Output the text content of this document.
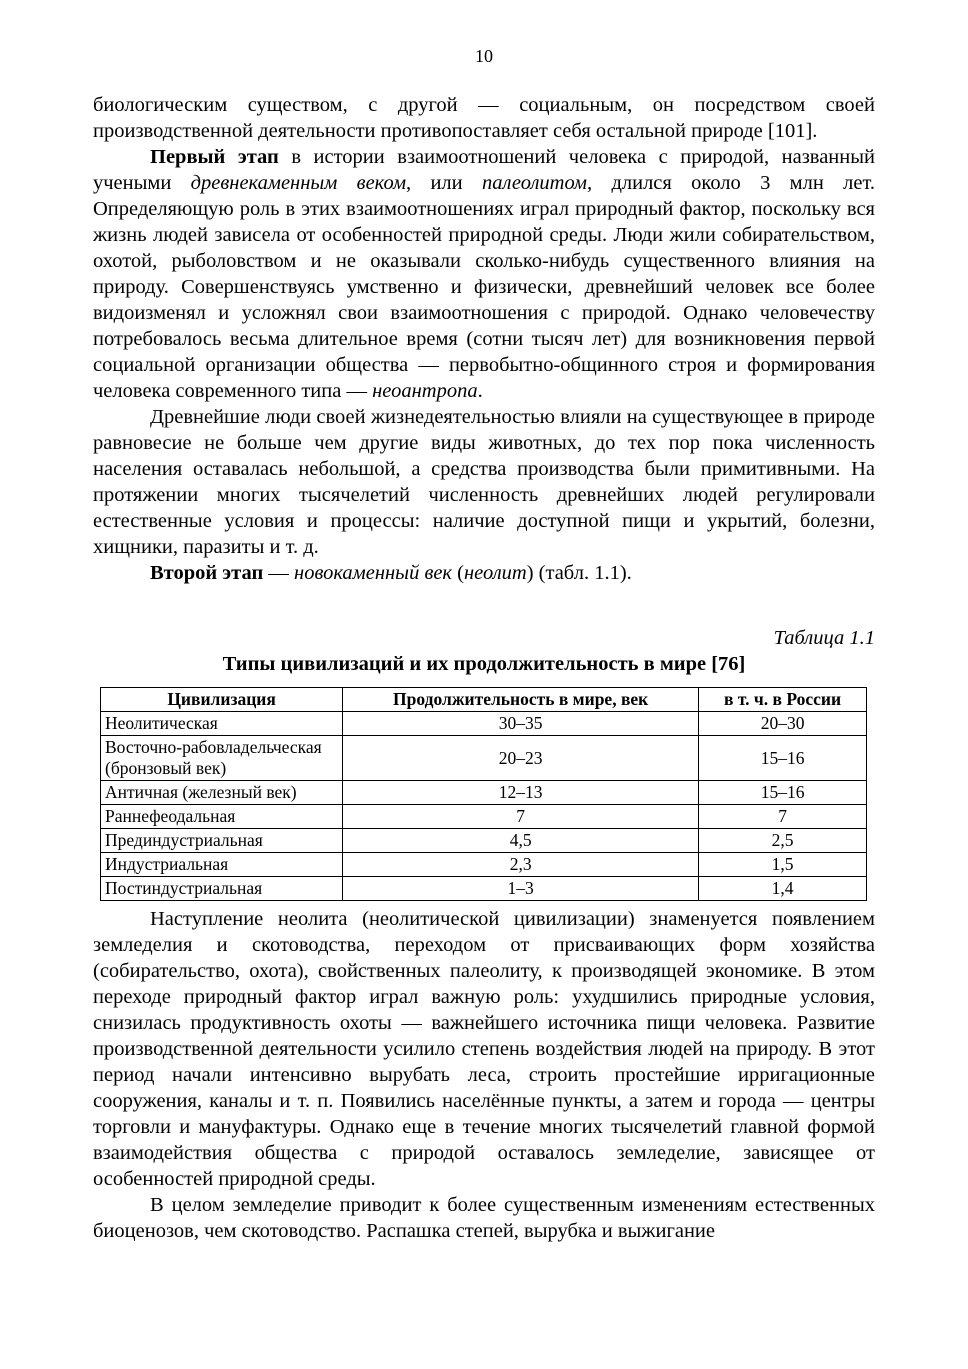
10

биологическим существом, с другой — социальным, он посредством своей производственной деятельности противопоставляет себя остальной природе [101].

Первый этап в истории взаимоотношений человека с природой, названный учеными древнекаменным веком, или палеолитом, длился около 3 млн лет. Определяющую роль в этих взаимоотношениях играл природный фактор, поскольку вся жизнь людей зависела от особенностей природной среды. Люди жили собирательством, охотой, рыболовством и не оказывали сколько-нибудь существенного влияния на природу. Совершенствуясь умственно и физически, древнейший человек все более видоизменял и усложнял свои взаимоотношения с природой. Однако человечеству потребовалось весьма длительное время (сотни тысяч лет) для возникновения первой социальной организации общества — первобытно-общинного строя и формирования человека современного типа — неоантропа.

Древнейшие люди своей жизнедеятельностью влияли на существующее в природе равновесие не больше чем другие виды животных, до тех пор пока численность населения оставалась небольшой, а средства производства были примитивными. На протяжении многих тысячелетий численность древнейших людей регулировали естественные условия и процессы: наличие доступной пищи и укрытий, болезни, хищники, паразиты и т. д.

Второй этап — новокаменный век (неолит) (табл. 1.1).

Таблица 1.1
Типы цивилизаций и их продолжительность в мире [76]
Цивилизация	Продолжительность в мире, век	в т. ч. в России
Неолитическая	30–35	20–30
Восточно-рабовладельческая (бронзовый век)	20–23	15–16
Античная (железный век)	12–13	15–16
Раннефеодальная	7	7
Прединдустриальная	4,5	2,5
Индустриальная	2,3	1,5
Постиндустриальная	1–3	1,4

Наступление неолита (неолитической цивилизации) знаменуется появлением земледелия и скотоводства, переходом от присваивающих форм хозяйства (собирательство, охота), свойственных палеолиту, к производящей экономике. В этом переходе природный фактор играл важную роль: ухудшились природные условия, снизилась продуктивность охоты — важнейшего источника пищи человека. Развитие производственной деятельности усилило степень воздействия людей на природу. В этот период начали интенсивно вырубать леса, строить простейшие ирригационные сооружения, каналы и т. п. Появились населённые пункты, а затем и города — центры торговли и мануфактуры. Однако еще в течение многих тысячелетий главной формой взаимодействия общества с природой оставалось земледелие, зависящее от особенностей природной среды.

В целом земледелие приводит к более существенным изменениям естественных биоценозов, чем скотоводство. Распашка степей, вырубка и выжигание
